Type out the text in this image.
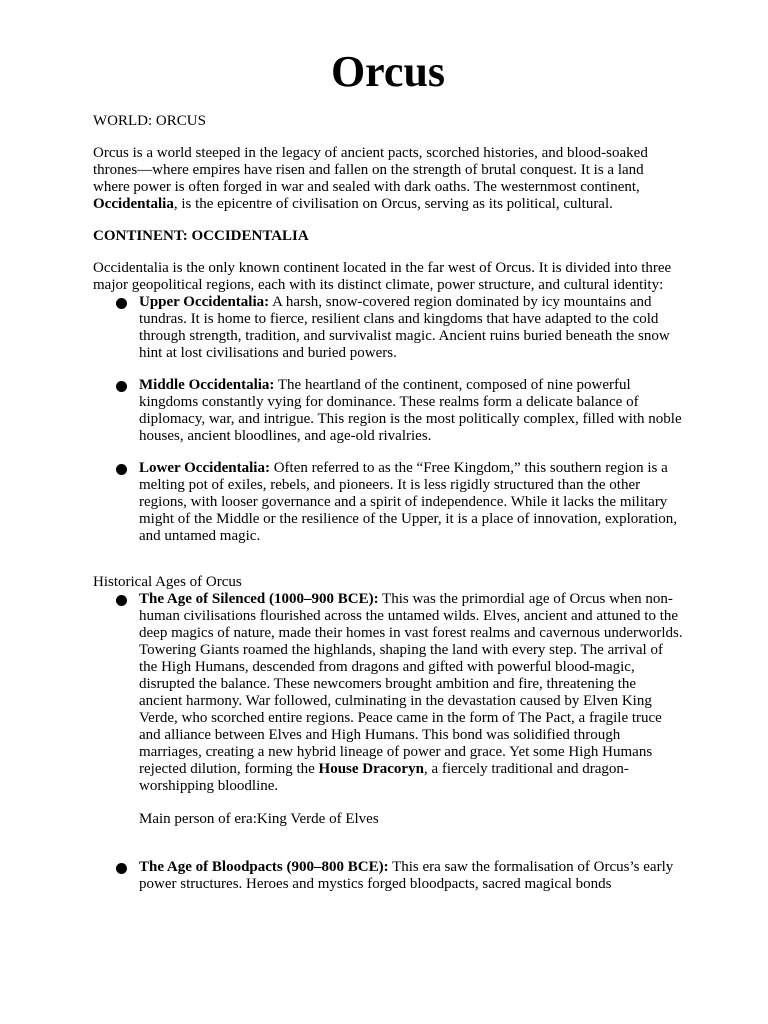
Orcus

WORLD: ORCUS

Orcus is a world steeped in the legacy of ancient pacts, scorched histories, and blood-soaked thrones—where empires have risen and fallen on the strength of brutal conquest. It is a land where power is often forged in war and sealed with dark oaths. The westernmost continent, Occidentalia, is the epicentre of civilisation on Orcus, serving as its political, cultural.

CONTINENT: OCCIDENTALIA

Occidentalia is the only known continent located in the far west of Orcus. It is divided into three major geopolitical regions, each with its distinct climate, power structure, and cultural identity:

Upper Occidentalia: A harsh, snow-covered region dominated by icy mountains and tundras. It is home to fierce, resilient clans and kingdoms that have adapted to the cold through strength, tradition, and survivalist magic. Ancient ruins buried beneath the snow hint at lost civilisations and buried powers.
Middle Occidentalia: The heartland of the continent, composed of nine powerful kingdoms constantly vying for dominance. These realms form a delicate balance of diplomacy, war, and intrigue. This region is the most politically complex, filled with noble houses, ancient bloodlines, and age-old rivalries.
Lower Occidentalia: Often referred to as the “Free Kingdom,” this southern region is a melting pot of exiles, rebels, and pioneers. It is less rigidly structured than the other regions, with looser governance and a spirit of independence. While it lacks the military might of the Middle or the resilience of the Upper, it is a place of innovation, exploration, and untamed magic.

Historical Ages of Orcus

The Age of Silenced (1000–900 BCE): This was the primordial age of Orcus when non-human civilisations flourished across the untamed wilds. Elves, ancient and attuned to the deep magics of nature, made their homes in vast forest realms and cavernous underworlds. Towering Giants roamed the highlands, shaping the land with every step. The arrival of the High Humans, descended from dragons and gifted with powerful blood-magic, disrupted the balance. These newcomers brought ambition and fire, threatening the ancient harmony. War followed, culminating in the devastation caused by Elven King Verde, who scorched entire regions. Peace came in the form of The Pact, a fragile truce and alliance between Elves and High Humans. This bond was solidified through marriages, creating a new hybrid lineage of power and grace. Yet some High Humans rejected dilution, forming the House Dracoryn, a fiercely traditional and dragon-worshipping bloodline.
Main person of era:King Verde of Elves
The Age of Bloodpacts (900–800 BCE): This era saw the formalisation of Orcus’s early power structures. Heroes and mystics forged bloodpacts, sacred magical bonds
